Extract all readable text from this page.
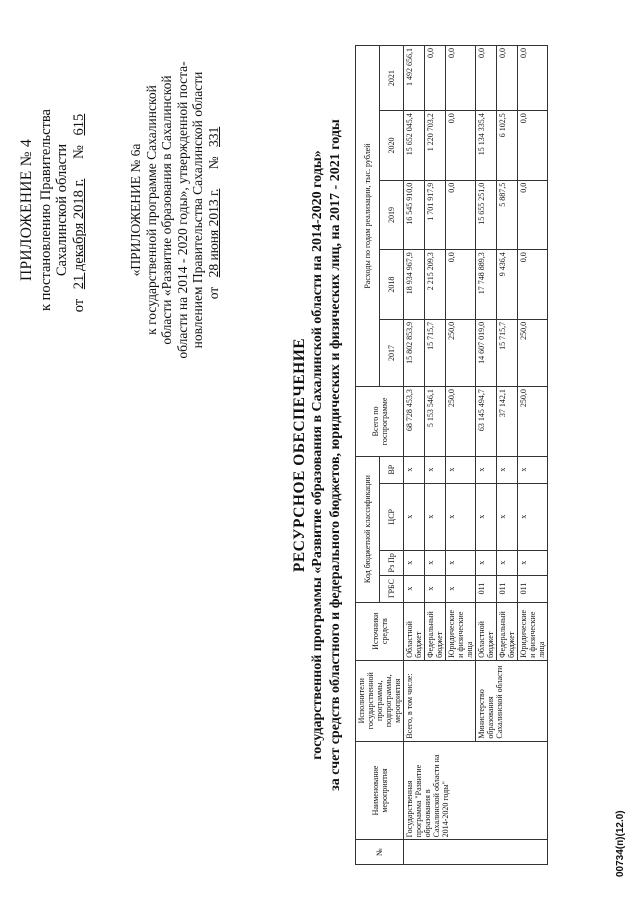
ПРИЛОЖЕНИЕ № 4 к постановлению Правительства Сахалинской области
от 21 декабря 2018 г. № 615
«ПРИЛОЖЕНИЕ № 6а к государственной программе Сахалинской области «Развитие образования в Сахалинской области на 2014 - 2020 годы», утвержденной поста- новлением Правительства Сахалинской области от 28 июня 2013 г. № 331
РЕСУРСНОЕ ОБЕСПЕЧЕНИЕ государственной программы «Развитие образования в Сахалинской области на 2014-2020 годы» за счет средств областного и федерального бюджетов, юридических и физических лиц, на 2017 - 2021 годы
№	Наименование мероприятия	Исполнители государственной программы, подпрограммы, мероприятия	Источники средств	Код бюджетной классификации				Всего по госпрограмме	Расходы по годам реализации, тыс. рублей				
				ГРБС	Рз Пр	ЦСР	ВР		2017	2018	2019	2020	2021
	Государственная программа "Развитие образования в Сахалинской области на 2014-2020 годы"	Всего, в том числе:	Областной бюджет	х	х	х	х	68 728 453,3	15 802 853,9	18 934 967,9	16 545 910,0	15 652 045,4	1 492 656,1
			Федеральный бюджет	х	х	х	х	5 153 546,1	15 715,7	2 215 209,3	1 701 917,9	1 220 703,2	0,0
			Юридические и физические лица	х	х	х	х	250,0	250,0	0,0	0,0	0,0	0,0
		Министерство образования Сахалинской области	Областной бюджет	011	х	х	х	63 145 494,7	14 607 019,0	17 748 889,3	15 655 251,0	15 134 335,4	0,0
			Федеральный бюджет	011	х	х	х	37 142,1	15 715,7	9 436,4	5 887,5	6 102,5	0,0
			Юридические и физические лица	011	х	х	х	250,0	250,0	0,0	0,0	0,0	0,0
00734(п)(12.0)
